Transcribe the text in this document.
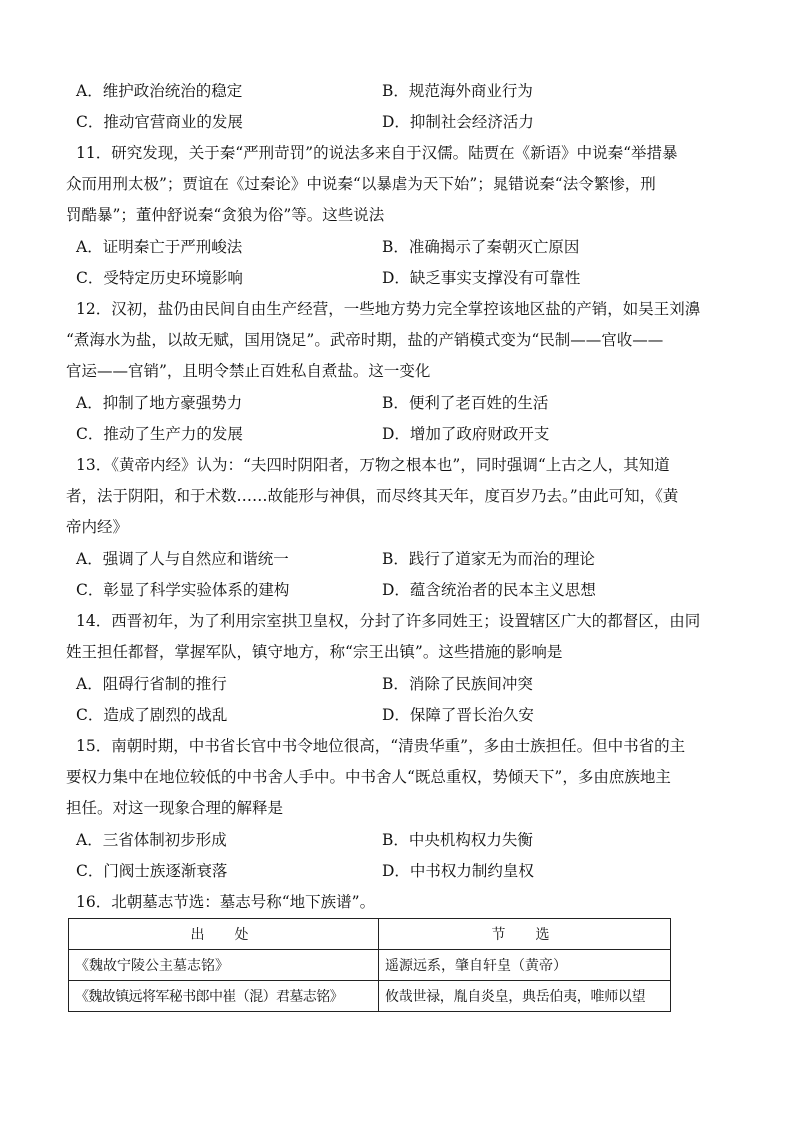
A．维护政治统治的稳定	B．规范海外商业行为
C．推动官营商业的发展	D．抑制社会经济活力
11．研究发现，关于秦“严刑苛罚”的说法多来自于汉儒。陆贾在《新语》中说秦“举措暴
众而用刑太极”；贾谊在《过秦论》中说秦“以暴虐为天下始”；晁错说秦“法令繁惨，刑
罚酷暴”；董仲舒说秦“贪狼为俗”等。这些说法
A．证明秦亡于严刑峻法	B．准确揭示了秦朝灭亡原因
C．受特定历史环境影响	D．缺乏事实支撑没有可靠性
12．汉初，盐仍由民间自由生产经营，一些地方势力完全掌控该地区盐的产销，如吴王刘濞
“煮海水为盐，以故无赋，国用饶足”。武帝时期，盐的产销模式变为“民制——官收——
官运——官销”，且明令禁止百姓私自煮盐。这一变化
A．抑制了地方豪强势力	B．便利了老百姓的生活
C．推动了生产力的发展	D．增加了政府财政开支
13．《黄帝内经》认为：“夫四时阴阳者，万物之根本也”，同时强调“上古之人，其知道
者，法于阴阳，和于术数……故能形与神俱，而尽终其天年，度百岁乃去。”由此可知，《黄
帝内经》
A．强调了人与自然应和谐统一	B．践行了道家无为而治的理论
C．彰显了科学实验体系的建构	D．蕴含统治者的民本主义思想
14．西晋初年，为了利用宗室拱卫皇权，分封了许多同姓王；设置辖区广大的都督区，由同
姓王担任都督，掌握军队，镇守地方，称“宗王出镇”。这些措施的影响是
A．阻碍行省制的推行	B．消除了民族间冲突
C．造成了剧烈的战乱	D．保障了晋长治久安
15．南朝时期，中书省长官中书令地位很高，“清贵华重”，多由士族担任。但中书省的主
要权力集中在地位较低的中书舍人手中。中书舍人“既总重权，势倾天下”，多由庶族地主
担任。对这一现象合理的解释是
A．三省体制初步形成	B．中央机构权力失衡
C．门阀士族逐渐衰落	D．中书权力制约皇权
16．北朝墓志节选：墓志号称“地下族谱”。
出　处	节　选
《魏故宁陵公主墓志铭》	遥源远系，肇自轩皇（黄帝）
《魏故镇远将军秘书郎中崔（混）君墓志铭》	攸哉世禄，胤自炎皇，典岳伯夷，唯师以望
